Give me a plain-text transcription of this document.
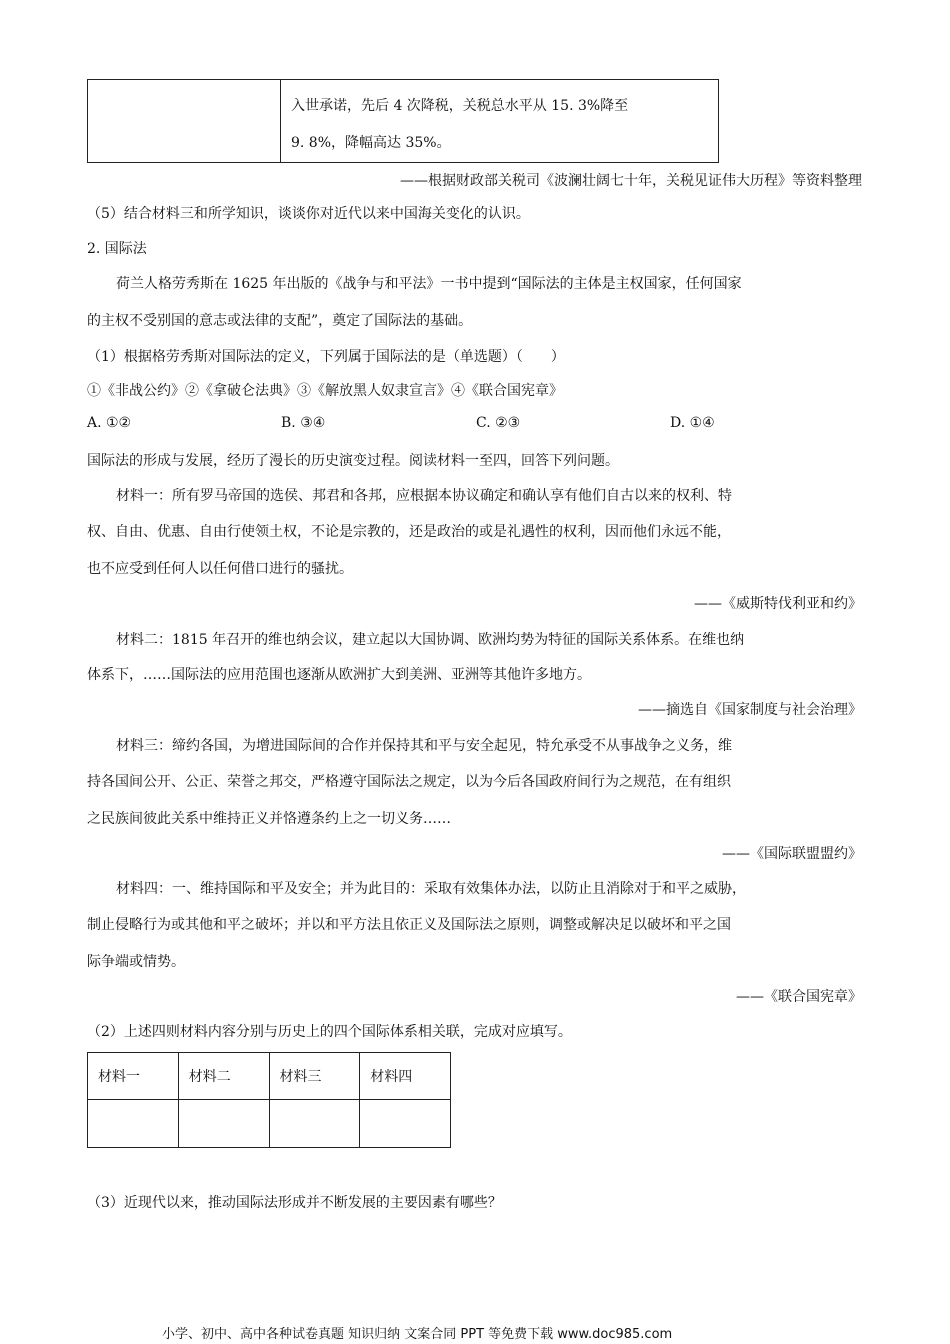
入世承诺，先后 4 次降税，关税总水平从 15. 3%降至
9. 8%，降幅高达 35%。
——根据财政部关税司《波澜壮阔七十年，关税见证伟大历程》等资料整理
（5）结合材料三和所学知识，谈谈你对近代以来中国海关变化的认识。
2. 国际法
荷兰人格劳秀斯在 1625 年出版的《战争与和平法》一书中提到“国际法的主体是主权国家，任何国家
的主权不受别国的意志或法律的支配”，奠定了国际法的基础。
（1）根据格劳秀斯对国际法的定义，下列属于国际法的是（单选题）（　　）
①《非战公约》②《拿破仑法典》③《解放黑人奴隶宣言》④《联合国宪章》
A. ①②	B. ③④	C. ②③	D. ①④
国际法的形成与发展，经历了漫长的历史演变过程。阅读材料一至四，回答下列问题。
材料一：所有罗马帝国的选侯、邦君和各邦，应根据本协议确定和确认享有他们自古以来的权利、特
权、自由、优惠、自由行使领土权，不论是宗教的，还是政治的或是礼遇性的权利，因而他们永远不能，
也不应受到任何人以任何借口进行的骚扰。
——《威斯特伐利亚和约》
材料二：1815 年召开的维也纳会议，建立起以大国协调、欧洲均势为特征的国际关系体系。在维也纳
体系下，……国际法的应用范围也逐渐从欧洲扩大到美洲、亚洲等其他许多地方。
——摘选自《国家制度与社会治理》
材料三：缔约各国，为增进国际间的合作并保持其和平与安全起见，特允承受不从事战争之义务，维
持各国间公开、公正、荣誉之邦交，严格遵守国际法之规定，以为今后各国政府间行为之规范，在有组织
之民族间彼此关系中维持正义并恪遵条约上之一切义务……
——《国际联盟盟约》
材料四：一、维持国际和平及安全；并为此目的：采取有效集体办法，以防止且消除对于和平之威胁，
制止侵略行为或其他和平之破坏；并以和平方法且依正义及国际法之原则，调整或解决足以破坏和平之国
际争端或情势。
——《联合国宪章》
（2）上述四则材料内容分别与历史上的四个国际体系相关联，完成对应填写。
材料一	材料二	材料三	材料四

（3）近现代以来，推动国际法形成并不断发展的主要因素有哪些？
小学、初中、高中各种试卷真题 知识归纳 文案合同 PPT 等免费下载 www.doc985.com
